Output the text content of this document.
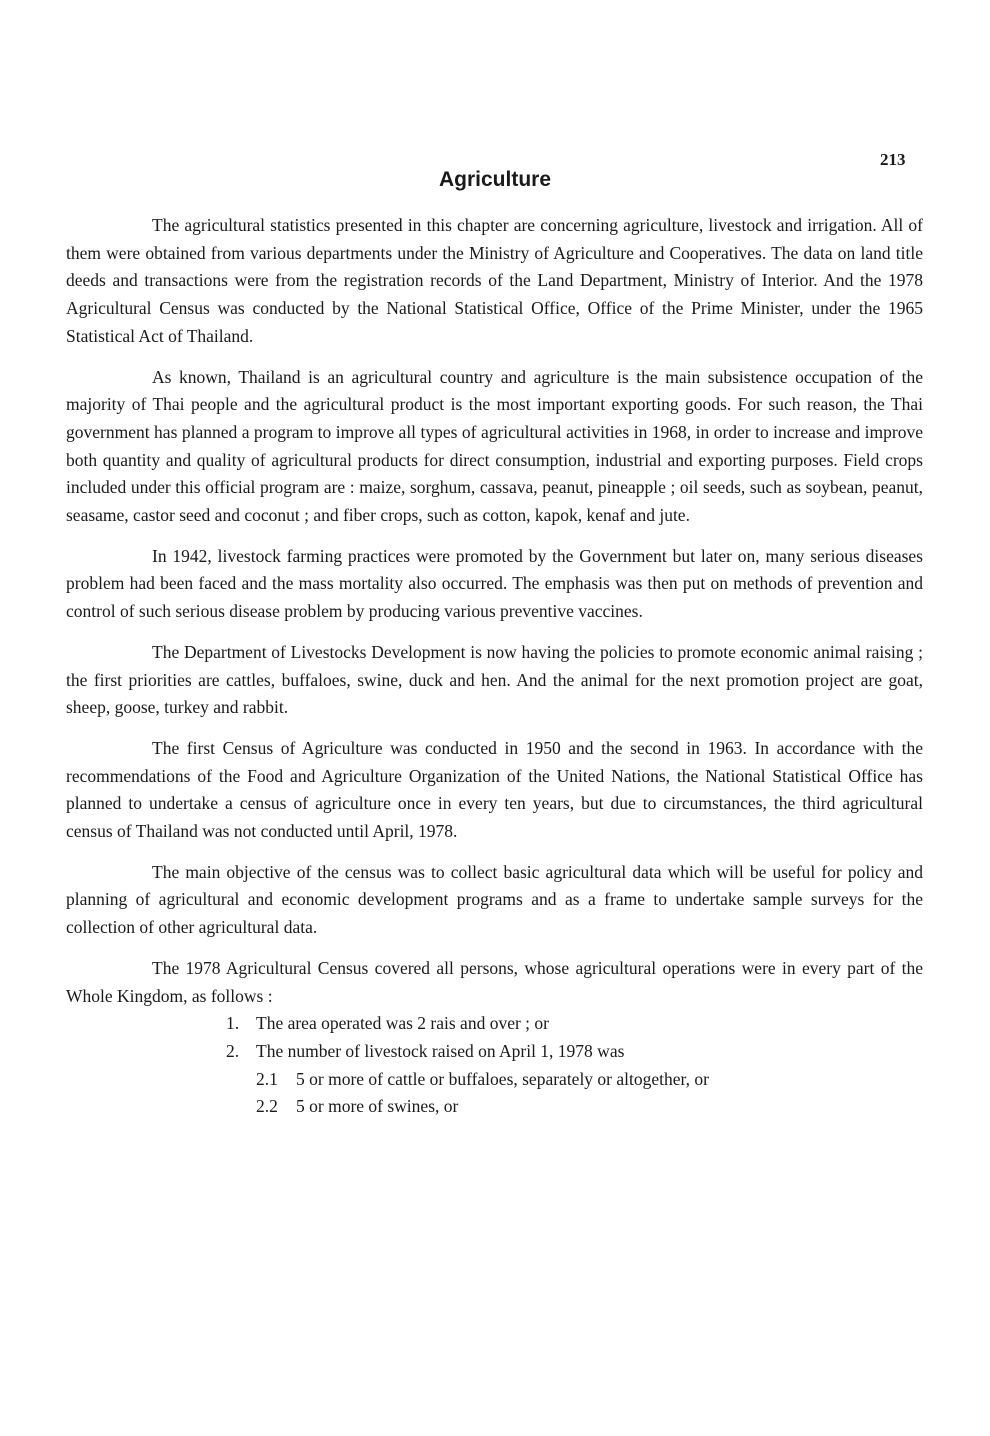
213
Agriculture

The agricultural statistics presented in this chapter are concerning agriculture, livestock and irrigation. All of them were obtained from various departments under the Ministry of Agriculture and Cooperatives. The data on land title deeds and transactions were from the registration records of the Land Department, Ministry of Interior. And the 1978 Agricultural Census was conducted by the National Statistical Office, Office of the Prime Minister, under the 1965 Statistical Act of Thailand.

As known, Thailand is an agricultural country and agriculture is the main subsistence occupation of the majority of Thai people and the agricultural product is the most important exporting goods. For such reason, the Thai government has planned a program to improve all types of agricultural activities in 1968, in order to increase and improve both quantity and quality of agricultural products for direct consumption, industrial and exporting purposes. Field crops included under this official program are : maize, sorghum, cassava, peanut, pineapple ; oil seeds, such as soybean, peanut, seasame, castor seed and coconut ; and fiber crops, such as cotton, kapok, kenaf and jute.

In 1942, livestock farming practices were promoted by the Government but later on, many serious diseases problem had been faced and the mass mortality also occurred. The emphasis was then put on methods of prevention and control of such serious disease problem by producing various preventive vaccines.

The Department of Livestocks Development is now having the policies to promote economic animal raising ; the first priorities are cattles, buffaloes, swine, duck and hen. And the animal for the next promotion project are goat, sheep, goose, turkey and rabbit.

The first Census of Agriculture was conducted in 1950 and the second in 1963. In accordance with the recommendations of the Food and Agriculture Organization of the United Nations, the National Statistical Office has planned to undertake a census of agriculture once in every ten years, but due to circumstances, the third agricultural census of Thailand was not conducted until April, 1978.

The main objective of the census was to collect basic agricultural data which will be useful for policy and planning of agricultural and economic development programs and as a frame to undertake sample surveys for the collection of other agricultural data.

The 1978 Agricultural Census covered all persons, whose agricultural operations were in every part of the Whole Kingdom, as follows :

1. The area operated was 2 rais and over ; or
2. The number of livestock raised on April 1, 1978 was
2.1 5 or more of cattle or buffaloes, separately or altogether, or
2.2 5 or more of swines, or
